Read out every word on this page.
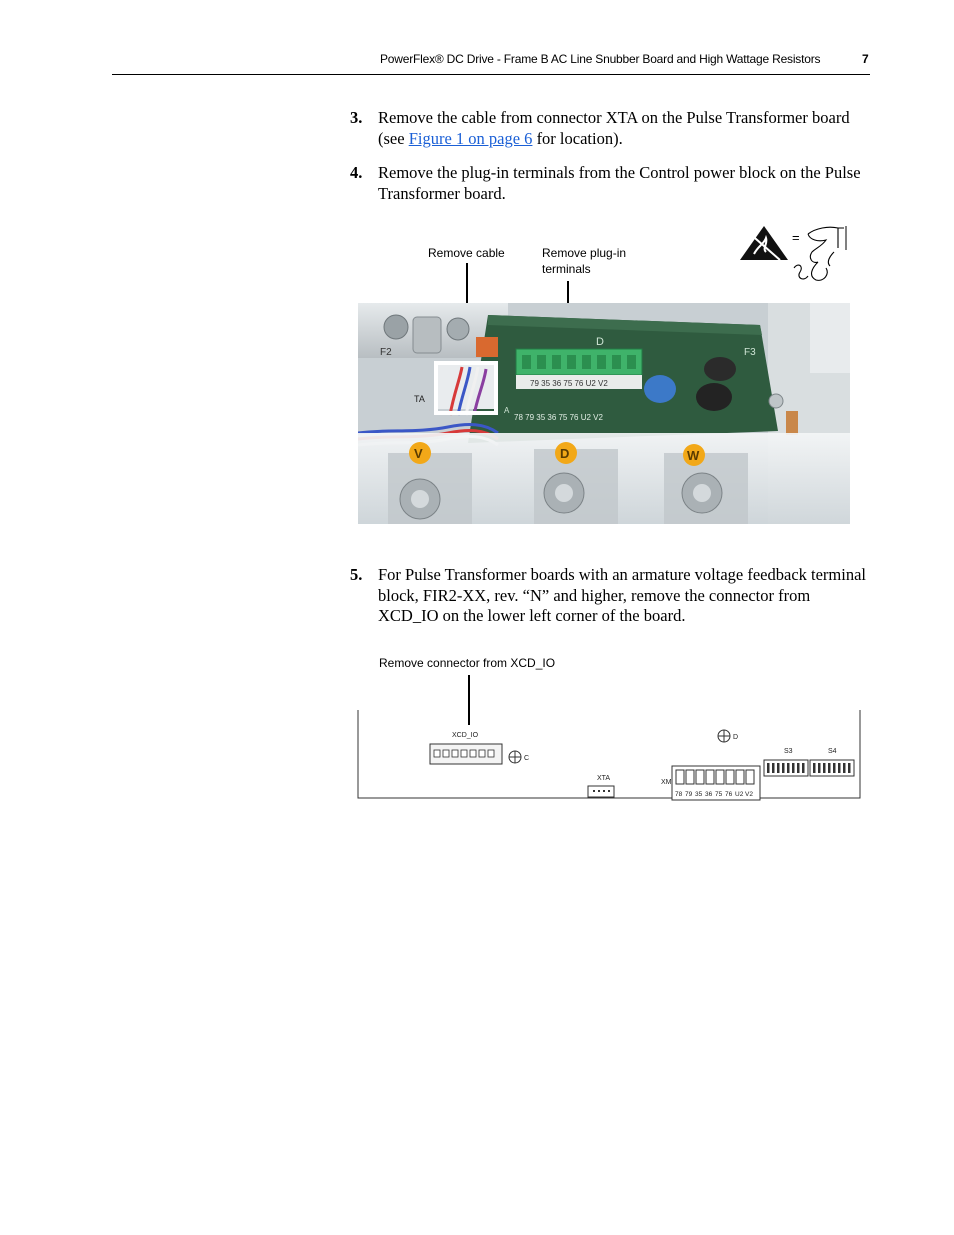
PowerFlex® DC Drive - Frame B AC Line Snubber Board and High Wattage Resistors	7
3. Remove the cable from connector XTA on the Pulse Transformer board (see Figure 1 on page 6 for location).
4. Remove the plug-in terminals from the Control power block on the Pulse Transformer board.
Remove cable	Remove plug-in
terminals
=
F2
D
F3
TA
A
79 35 36 75 76 U2 V2
78 79 35 36 75 76 U2 V2
V	D	W
5. For Pulse Transformer boards with an armature voltage feedback terminal block, FIR2-XX, rev. “N” and higher, remove the connector from XCD_IO on the lower left corner of the board.
Remove connector from XCD_IO
XCD_IO
C
XTA
D
XM
78 79 35 36 75 76 U2 V2
S3	S4
